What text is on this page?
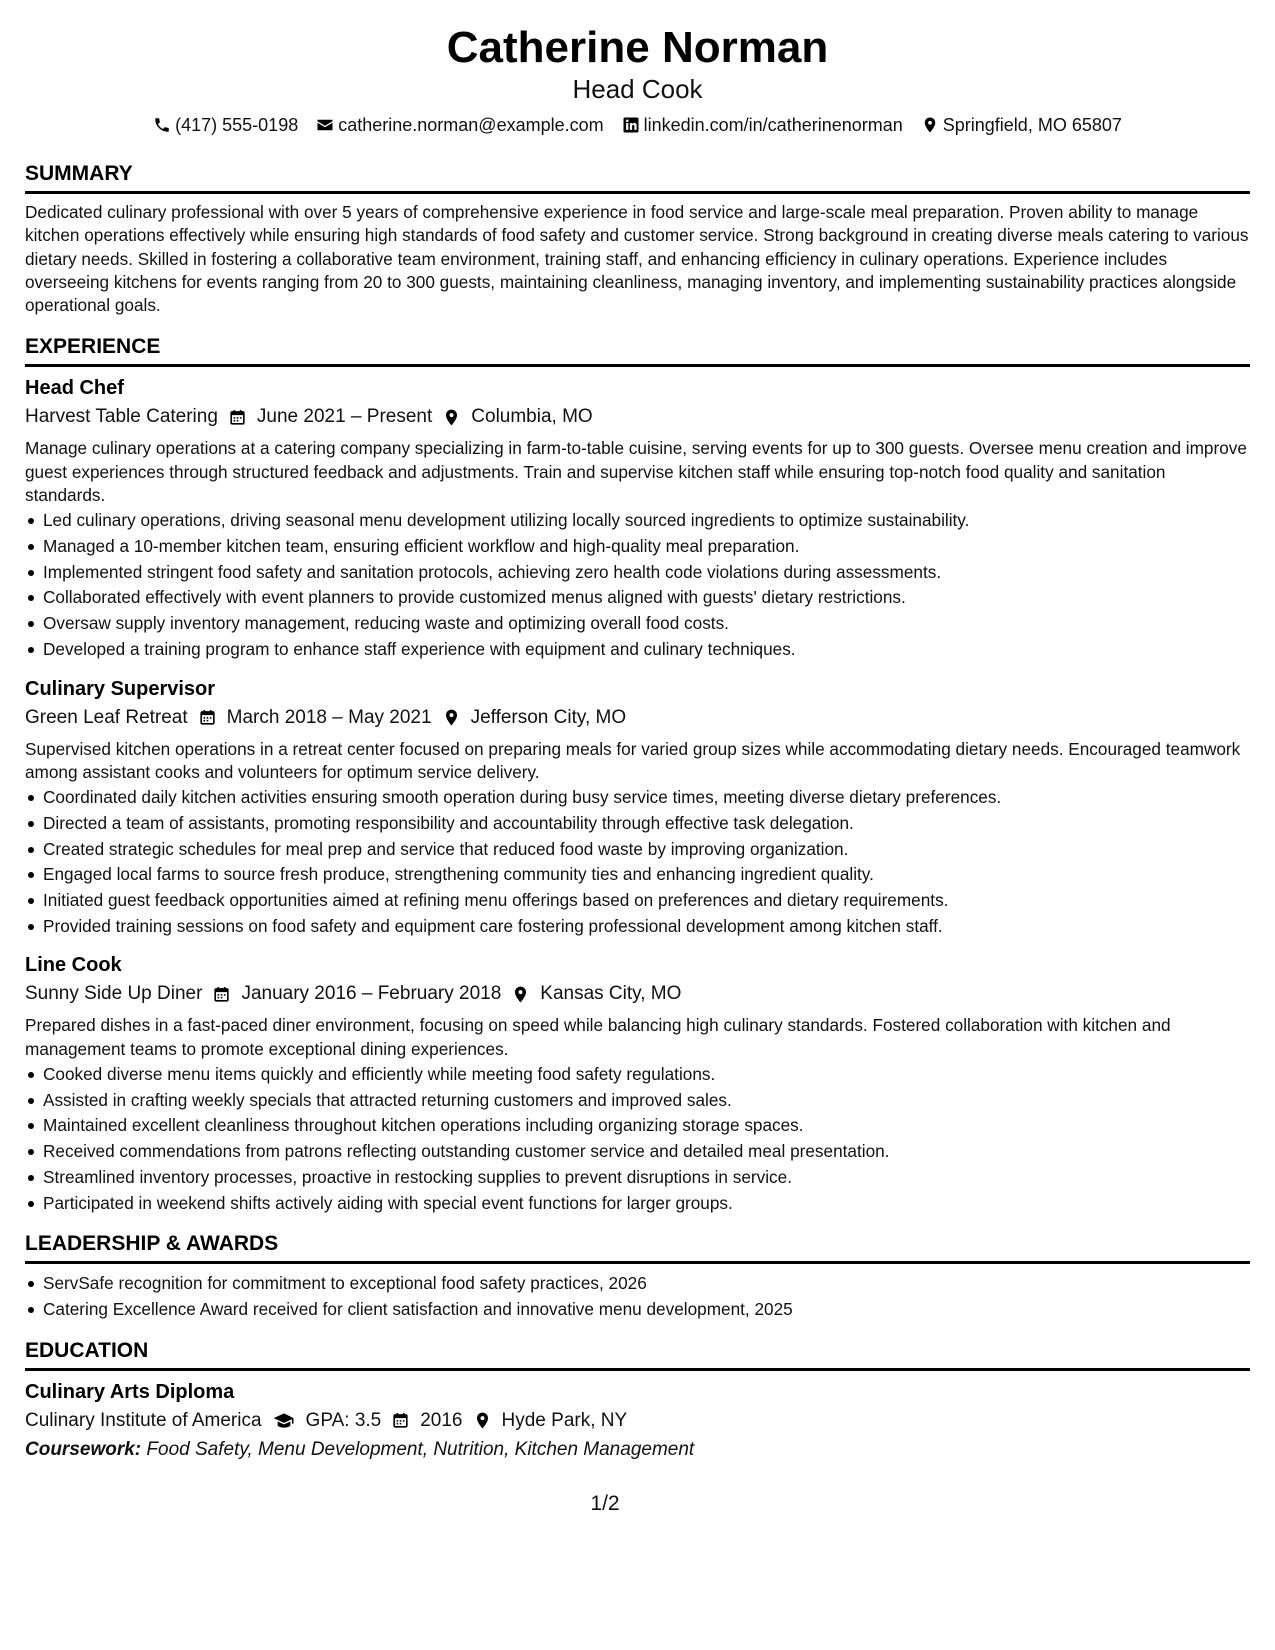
Catherine Norman
Head Cook
(417) 555-0198 catherine.norman@example.com linkedin.com/in/catherinenorman Springfield, MO 65807
SUMMARY
Dedicated culinary professional with over 5 years of comprehensive experience in food service and large-scale meal preparation. Proven ability to manage kitchen operations effectively while ensuring high standards of food safety and customer service. Strong background in creating diverse meals catering to various dietary needs. Skilled in fostering a collaborative team environment, training staff, and enhancing efficiency in culinary operations. Experience includes overseeing kitchens for events ranging from 20 to 300 guests, maintaining cleanliness, managing inventory, and implementing sustainability practices alongside operational goals.
EXPERIENCE
Head Chef
Harvest Table Catering June 2021 – Present Columbia, MO
Manage culinary operations at a catering company specializing in farm-to-table cuisine, serving events for up to 300 guests. Oversee menu creation and improve guest experiences through structured feedback and adjustments. Train and supervise kitchen staff while ensuring top-notch food quality and sanitation standards.
Led culinary operations, driving seasonal menu development utilizing locally sourced ingredients to optimize sustainability.
Managed a 10-member kitchen team, ensuring efficient workflow and high-quality meal preparation.
Implemented stringent food safety and sanitation protocols, achieving zero health code violations during assessments.
Collaborated effectively with event planners to provide customized menus aligned with guests' dietary restrictions.
Oversaw supply inventory management, reducing waste and optimizing overall food costs.
Developed a training program to enhance staff experience with equipment and culinary techniques.
Culinary Supervisor
Green Leaf Retreat March 2018 – May 2021 Jefferson City, MO
Supervised kitchen operations in a retreat center focused on preparing meals for varied group sizes while accommodating dietary needs. Encouraged teamwork among assistant cooks and volunteers for optimum service delivery.
Coordinated daily kitchen activities ensuring smooth operation during busy service times, meeting diverse dietary preferences.
Directed a team of assistants, promoting responsibility and accountability through effective task delegation.
Created strategic schedules for meal prep and service that reduced food waste by improving organization.
Engaged local farms to source fresh produce, strengthening community ties and enhancing ingredient quality.
Initiated guest feedback opportunities aimed at refining menu offerings based on preferences and dietary requirements.
Provided training sessions on food safety and equipment care fostering professional development among kitchen staff.
Line Cook
Sunny Side Up Diner January 2016 – February 2018 Kansas City, MO
Prepared dishes in a fast-paced diner environment, focusing on speed while balancing high culinary standards. Fostered collaboration with kitchen and management teams to promote exceptional dining experiences.
Cooked diverse menu items quickly and efficiently while meeting food safety regulations.
Assisted in crafting weekly specials that attracted returning customers and improved sales.
Maintained excellent cleanliness throughout kitchen operations including organizing storage spaces.
Received commendations from patrons reflecting outstanding customer service and detailed meal presentation.
Streamlined inventory processes, proactive in restocking supplies to prevent disruptions in service.
Participated in weekend shifts actively aiding with special event functions for larger groups.
LEADERSHIP & AWARDS
ServSafe recognition for commitment to exceptional food safety practices, 2026
Catering Excellence Award received for client satisfaction and innovative menu development, 2025
EDUCATION
Culinary Arts Diploma
Culinary Institute of America GPA: 3.5 2016 Hyde Park, NY
Coursework: Food Safety, Menu Development, Nutrition, Kitchen Management
1/2
